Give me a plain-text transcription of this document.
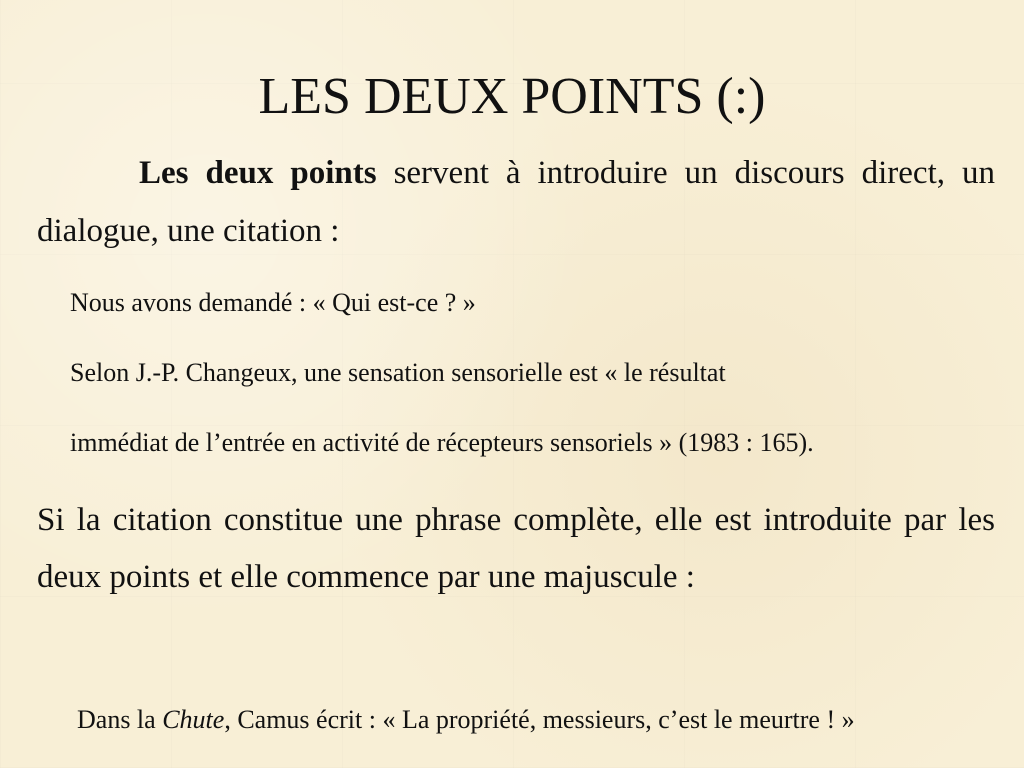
LES DEUX POINTS (:)

Les deux points servent à introduire un discours direct, un dialogue, une citation :

Nous avons demandé : « Qui est-ce ? »

Selon J.-P. Changeux, une sensation sensorielle est « le résultat

immédiat de l’entrée en activité de récepteurs sensoriels » (1983 : 165).

Si la citation constitue une phrase complète, elle est introduite par les deux points et elle commence par une majuscule :

Dans la Chute, Camus écrit : « La propriété, messieurs, c’est le meurtre ! »
